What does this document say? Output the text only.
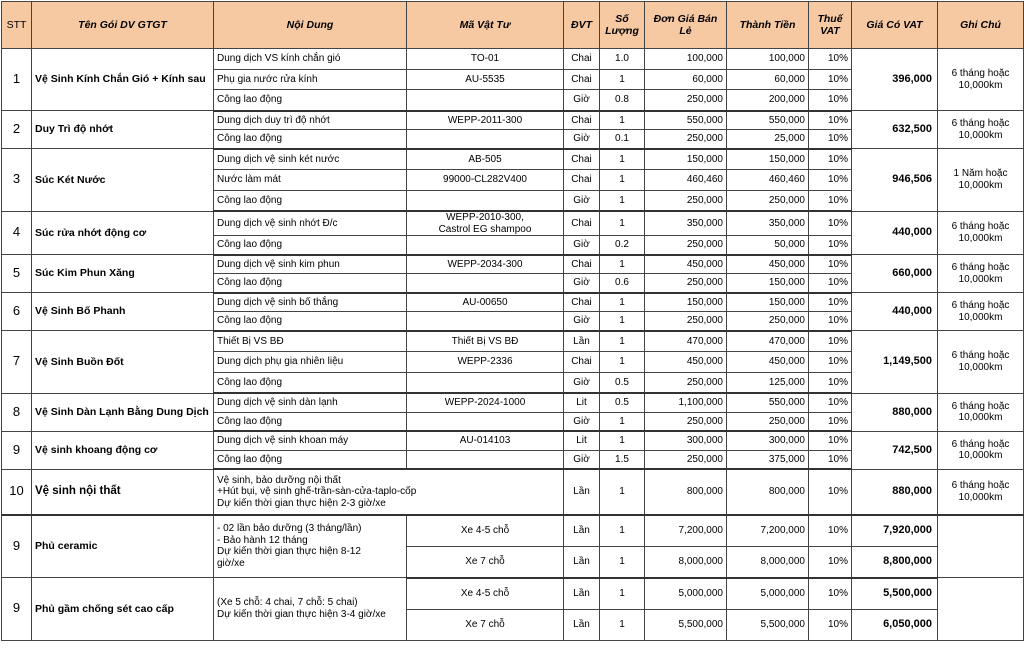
STT	Tên Gói DV GTGT	Nội Dung	Mã Vật Tư	ĐVT	Số Lượng	Đơn Giá Bán Lẻ	Thành Tiền	Thuế VAT	Giá Có VAT	Ghi Chú
1	Vệ Sinh Kính Chắn Gió + Kính sau	Dung dịch VS kính chắn gió	TO-01	Chai	1.0	100,000	100,000	10%	396,000	6 tháng hoặc
10,000km
		Phụ gia nước rửa kính	AU-5535	Chai	1	60,000	60,000	10%		
		Công lao động		Giờ	0.8	250,000	200,000	10%		
2	Duy Trì độ nhớt	Dung dịch duy trì độ nhớt	WEPP-2011-300	Chai	1	550,000	550,000	10%	632,500	6 tháng hoặc
10,000km
		Công lao động		Giờ	0.1	250,000	25,000	10%		
3	Súc Két Nước	Dung dịch vệ sinh két nước	AB-505	Chai	1	150,000	150,000	10%	946,506	1 Năm hoặc
10,000km
		Nước làm mát	99000-CL282V400	Chai	1	460,460	460,460	10%		
		Công lao động		Giờ	1	250,000	250,000	10%		
4	Súc rửa nhớt động cơ	Dung dịch vệ sinh nhớt Đ/c	WEPP-2010-300,
Castrol EG shampoo	Chai	1	350,000	350,000	10%	440,000	6 tháng hoặc
10,000km
		Công lao động		Giờ	0.2	250,000	50,000	10%		
5	Súc Kim Phun Xăng	Dung dịch vệ sinh kim phun	WEPP-2034-300	Chai	1	450,000	450,000	10%	660,000	6 tháng hoặc
10,000km
		Công lao động		Giờ	0.6	250,000	150,000	10%		
6	Vệ Sinh Bố Phanh	Dung dịch vệ sinh bố thắng	AU-00650	Chai	1	150,000	150,000	10%	440,000	6 tháng hoặc
10,000km
		Công lao động		Giờ	1	250,000	250,000	10%		
7	Vệ Sinh Buồn Đốt	Thiết Bị VS BĐ	Thiết Bị VS BĐ	Lần	1	470,000	470,000	10%	1,149,500	6 tháng hoặc
10,000km
		Dung dịch phụ gia nhiên liệu	WEPP-2336	Chai	1	450,000	450,000	10%		
		Công lao động		Giờ	0.5	250,000	125,000	10%		
8	Vệ Sinh Dàn Lạnh Bằng Dung Dịch	Dung dịch vệ sinh dàn lạnh	WEPP-2024-1000	Lit	0.5	1,100,000	550,000	10%	880,000	6 tháng hoặc
10,000km
		Công lao động		Giờ	1	250,000	250,000	10%		
9	Vệ sinh khoang động cơ	Dung dịch vệ sinh khoan máy	AU-014103	Lit	1	300,000	300,000	10%	742,500	6 tháng hoặc
10,000km
		Công lao động		Giờ	1.5	250,000	375,000	10%		
10	Vệ sinh nội thất	Vệ sinh, bảo dưỡng nội thất
+Hút bụi, vệ sinh ghế-trần-sàn-cửa-taplo-cốp
Dự kiến thời gian thực hiện 2-3 giờ/xe		Lần	1	800,000	800,000	10%	880,000	6 tháng hoặc
10,000km
9	Phủ ceramic	- 02 lần bảo dưỡng (3 tháng/lần)
- Bảo hành 12 tháng
Dự kiến thời gian thực hiện 8-12
giờ/xe	Xe 4-5 chỗ	Lần	1	7,200,000	7,200,000	10%	7,920,000	
			Xe 7 chỗ	Lần	1	8,000,000	8,000,000	10%	8,800,000	
9	Phủ gầm chống sét cao cấp	(Xe 5 chỗ: 4 chai, 7 chỗ: 5 chai)
Dự kiến thời gian thực hiện 3-4 giờ/xe	Xe 4-5 chỗ	Lần	1	5,000,000	5,000,000	10%	5,500,000	
			Xe 7 chỗ	Lần	1	5,500,000	5,500,000	10%	6,050,000	
